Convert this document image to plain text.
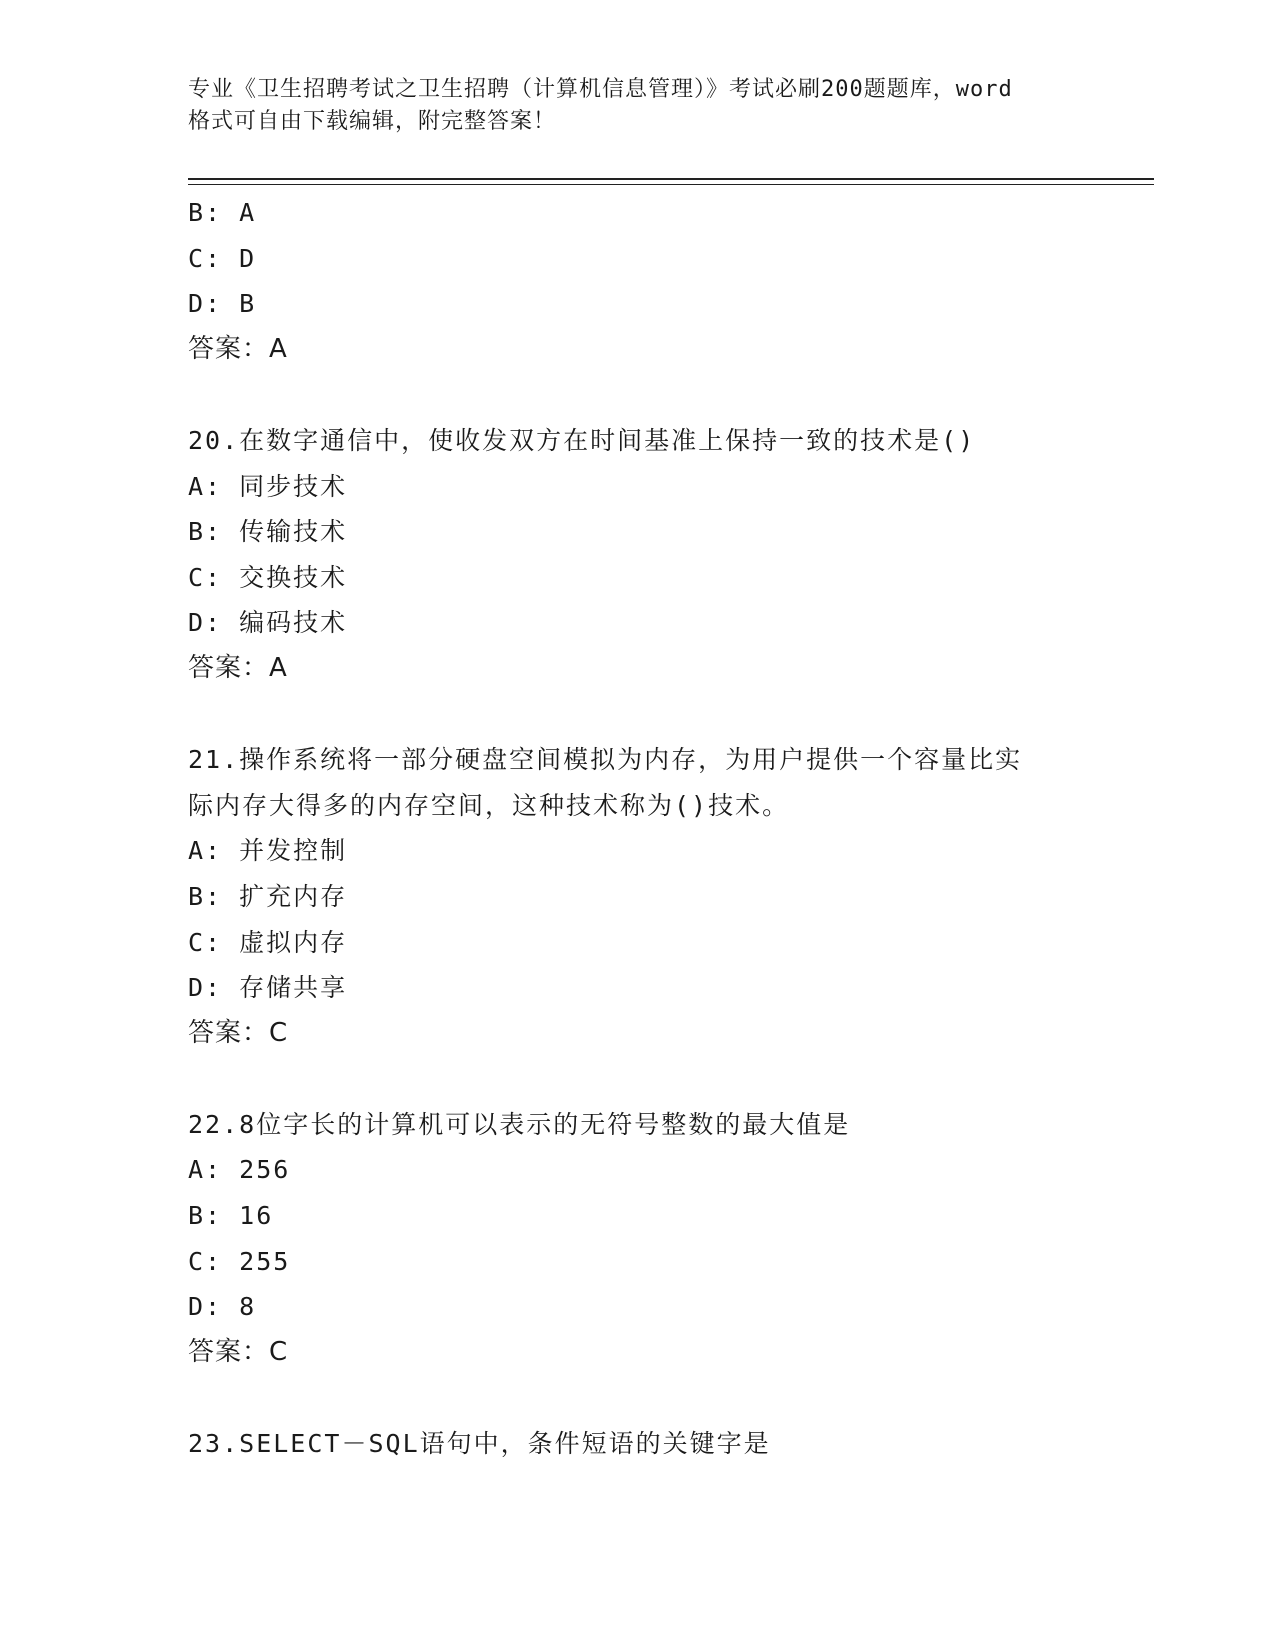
专业《卫生招聘考试之卫生招聘（计算机信息管理）》考试必刷200题题库，word
格式可自由下载编辑，附完整答案！
B: A
C: D
D: B
答案：A
20.在数字通信中，使收发双方在时间基准上保持一致的技术是()
A: 同步技术
B: 传输技术
C: 交换技术
D: 编码技术
答案：A
21.操作系统将一部分硬盘空间模拟为内存，为用户提供一个容量比实
际内存大得多的内存空间，这种技术称为()技术。
A: 并发控制
B: 扩充内存
C: 虚拟内存
D: 存储共享
答案：C
22.8位字长的计算机可以表示的无符号整数的最大值是
A: 256
B: 16
C: 255
D: 8
答案：C
23.SELECT－SQL语句中，条件短语的关键字是
